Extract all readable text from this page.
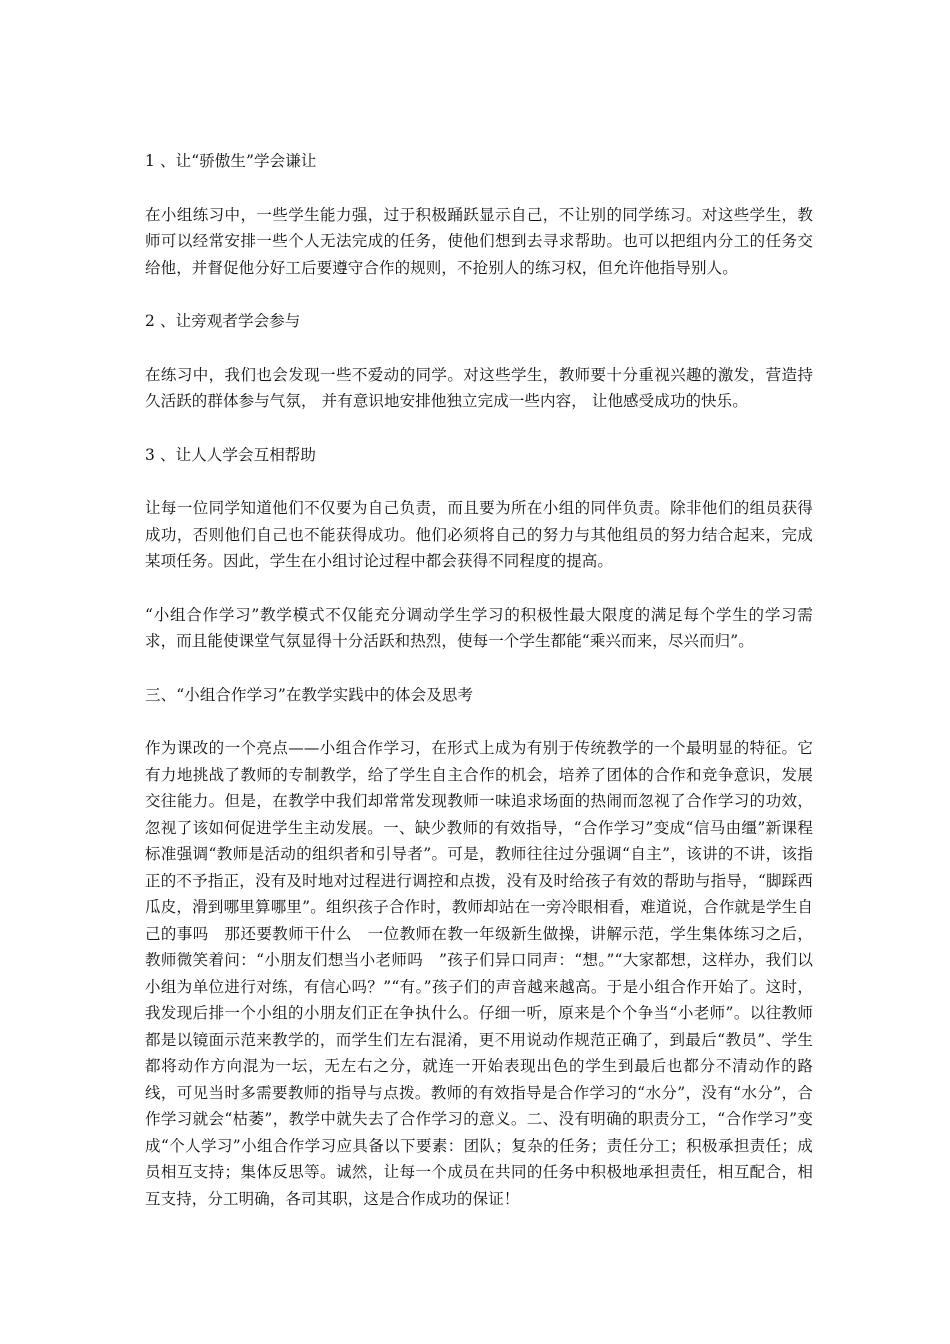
1 、让“骄傲生”学会谦让
在小组练习中，一些学生能力强，过于积极踊跃显示自己，不让别的同学练习。对这些学生，教师可以经常安排一些个人无法完成的任务，使他们想到去寻求帮助。也可以把组内分工的任务交给他，并督促他分好工后要遵守合作的规则，不抢别人的练习权，但允许他指导别人。
2 、让旁观者学会参与
在练习中，我们也会发现一些不爱动的同学。对这些学生，教师要十分重视兴趣的激发，营造持久活跃的群体参与气氛， 并有意识地安排他独立完成一些内容， 让他感受成功的快乐。
3 、让人人学会互相帮助
让每一位同学知道他们不仅要为自己负责，而且要为所在小组的同伴负责。除非他们的组员获得成功，否则他们自己也不能获得成功。他们必须将自己的努力与其他组员的努力结合起来，完成某项任务。因此，学生在小组讨论过程中都会获得不同程度的提高。
“小组合作学习”教学模式不仅能充分调动学生学习的积极性最大限度的满足每个学生的学习需求，而且能使课堂气氛显得十分活跃和热烈，使每一个学生都能“乘兴而来，尽兴而归”。
三、“小组合作学习”在教学实践中的体会及思考
作为课改的一个亮点——小组合作学习，在形式上成为有别于传统教学的一个最明显的特征。它有力地挑战了教师的专制教学，给了学生自主合作的机会，培养了团体的合作和竞争意识，发展交往能力。但是，在教学中我们却常常发现教师一味追求场面的热闹而忽视了合作学习的功效，忽视了该如何促进学生主动发展。一、缺少教师的有效指导，“合作学习”变成“信马由缰”新课程标准强调“教师是活动的组织者和引导者”。可是，教师往往过分强调“自主”，该讲的不讲，该指正的不予指正，没有及时地对过程进行调控和点拨，没有及时给孩子有效的帮助与指导，“脚踩西瓜皮，滑到哪里算哪里”。组织孩子合作时，教师却站在一旁冷眼相看，难道说，合作就是学生自己的事吗　那还要教师干什么　一位教师在教一年级新生做操，讲解示范，学生集体练习之后，教师微笑着问：“小朋友们想当小老师吗　”孩子们异口同声：“想。”“大家都想，这样办，我们以小组为单位进行对练，有信心吗？”“有。”孩子们的声音越来越高。于是小组合作开始了。这时，我发现后排一个小组的小朋友们正在争执什么。仔细一听，原来是个个争当“小老师”。以往教师都是以镜面示范来教学的，而学生们左右混淆，更不用说动作规范正确了，到最后“教员”、学生都将动作方向混为一坛，无左右之分，就连一开始表现出色的学生到最后也都分不清动作的路线，可见当时多需要教师的指导与点拨。教师的有效指导是合作学习的“水分”，没有“水分”，合作学习就会“枯萎”，教学中就失去了合作学习的意义。二、没有明确的职责分工，“合作学习”变成“个人学习”小组合作学习应具备以下要素：团队；复杂的任务；责任分工；积极承担责任；成员相互支持；集体反思等。诚然，让每一个成员在共同的任务中积极地承担责任，相互配合，相互支持，分工明确，各司其职，这是合作成功的保证！
